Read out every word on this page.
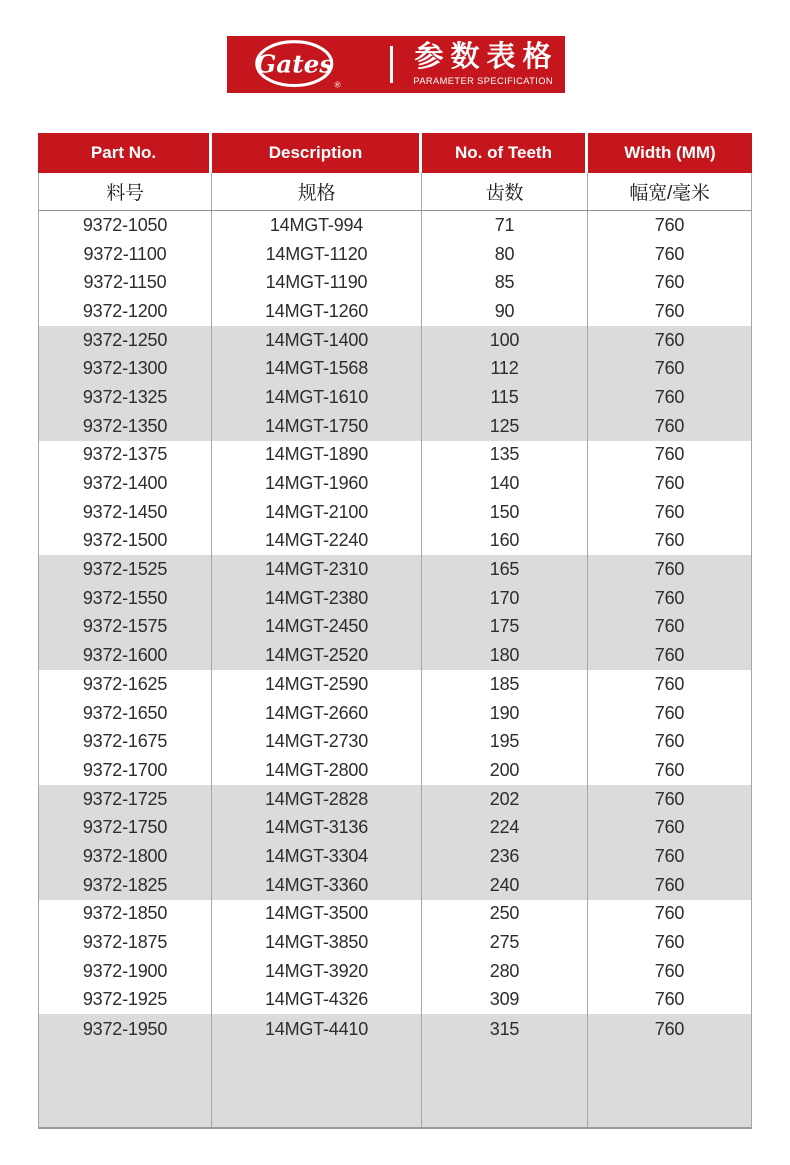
Gates
®
参数表格
PARAMETER SPECIFICATION
Part No.	Description	No. of Teeth	Width (MM)
料号	规格	齿数	幅宽/毫米
9372-1050	14MGT-994	71	760
9372-1100	14MGT-1120	80	760
9372-1150	14MGT-1190	85	760
9372-1200	14MGT-1260	90	760
9372-1250	14MGT-1400	100	760
9372-1300	14MGT-1568	112	760
9372-1325	14MGT-1610	115	760
9372-1350	14MGT-1750	125	760
9372-1375	14MGT-1890	135	760
9372-1400	14MGT-1960	140	760
9372-1450	14MGT-2100	150	760
9372-1500	14MGT-2240	160	760
9372-1525	14MGT-2310	165	760
9372-1550	14MGT-2380	170	760
9372-1575	14MGT-2450	175	760
9372-1600	14MGT-2520	180	760
9372-1625	14MGT-2590	185	760
9372-1650	14MGT-2660	190	760
9372-1675	14MGT-2730	195	760
9372-1700	14MGT-2800	200	760
9372-1725	14MGT-2828	202	760
9372-1750	14MGT-3136	224	760
9372-1800	14MGT-3304	236	760
9372-1825	14MGT-3360	240	760
9372-1850	14MGT-3500	250	760
9372-1875	14MGT-3850	275	760
9372-1900	14MGT-3920	280	760
9372-1925	14MGT-4326	309	760
9372-1950	14MGT-4410	315	760
